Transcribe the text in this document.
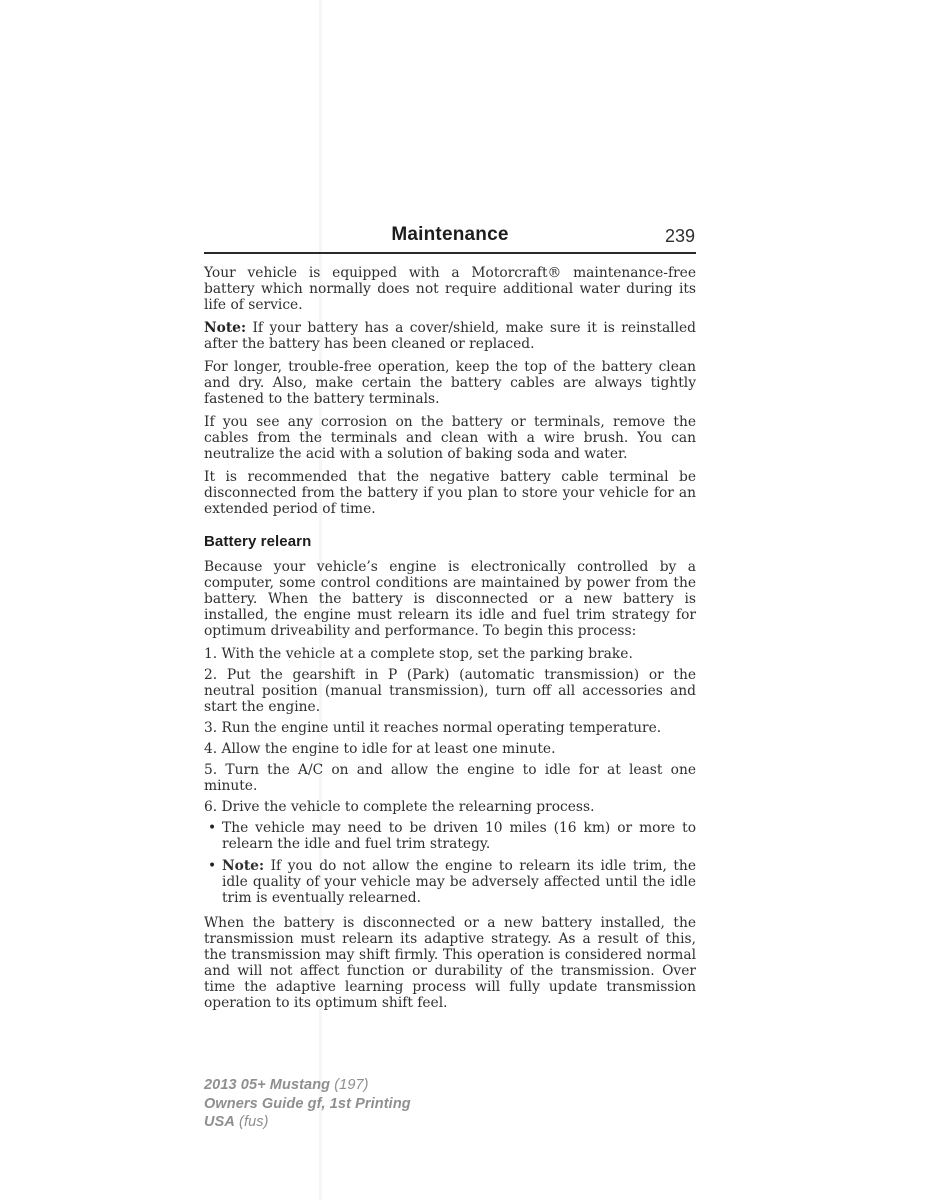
Maintenance	239

Your vehicle is equipped with a Motorcraft® maintenance-free battery which normally does not require additional water during its life of service.

Note: If your battery has a cover/shield, make sure it is reinstalled after the battery has been cleaned or replaced.

For longer, trouble-free operation, keep the top of the battery clean and dry. Also, make certain the battery cables are always tightly fastened to the battery terminals.

If you see any corrosion on the battery or terminals, remove the cables from the terminals and clean with a wire brush. You can neutralize the acid with a solution of baking soda and water.

It is recommended that the negative battery cable terminal be disconnected from the battery if you plan to store your vehicle for an extended period of time.

Battery relearn

Because your vehicle’s engine is electronically controlled by a computer, some control conditions are maintained by power from the battery. When the battery is disconnected or a new battery is installed, the engine must relearn its idle and fuel trim strategy for optimum driveability and performance. To begin this process:

1. With the vehicle at a complete stop, set the parking brake.

2. Put the gearshift in P (Park) (automatic transmission) or the neutral position (manual transmission), turn off all accessories and start the engine.

3. Run the engine until it reaches normal operating temperature.

4. Allow the engine to idle for at least one minute.

5. Turn the A/C on and allow the engine to idle for at least one minute.

6. Drive the vehicle to complete the relearning process.

• The vehicle may need to be driven 10 miles (16 km) or more to relearn the idle and fuel trim strategy.
• Note: If you do not allow the engine to relearn its idle trim, the idle quality of your vehicle may be adversely affected until the idle trim is eventually relearned.

When the battery is disconnected or a new battery installed, the transmission must relearn its adaptive strategy. As a result of this, the transmission may shift firmly. This operation is considered normal and will not affect function or durability of the transmission. Over time the adaptive learning process will fully update transmission operation to its optimum shift feel.

2013 05+ Mustang (197)
Owners Guide gf, 1st Printing
USA (fus)
